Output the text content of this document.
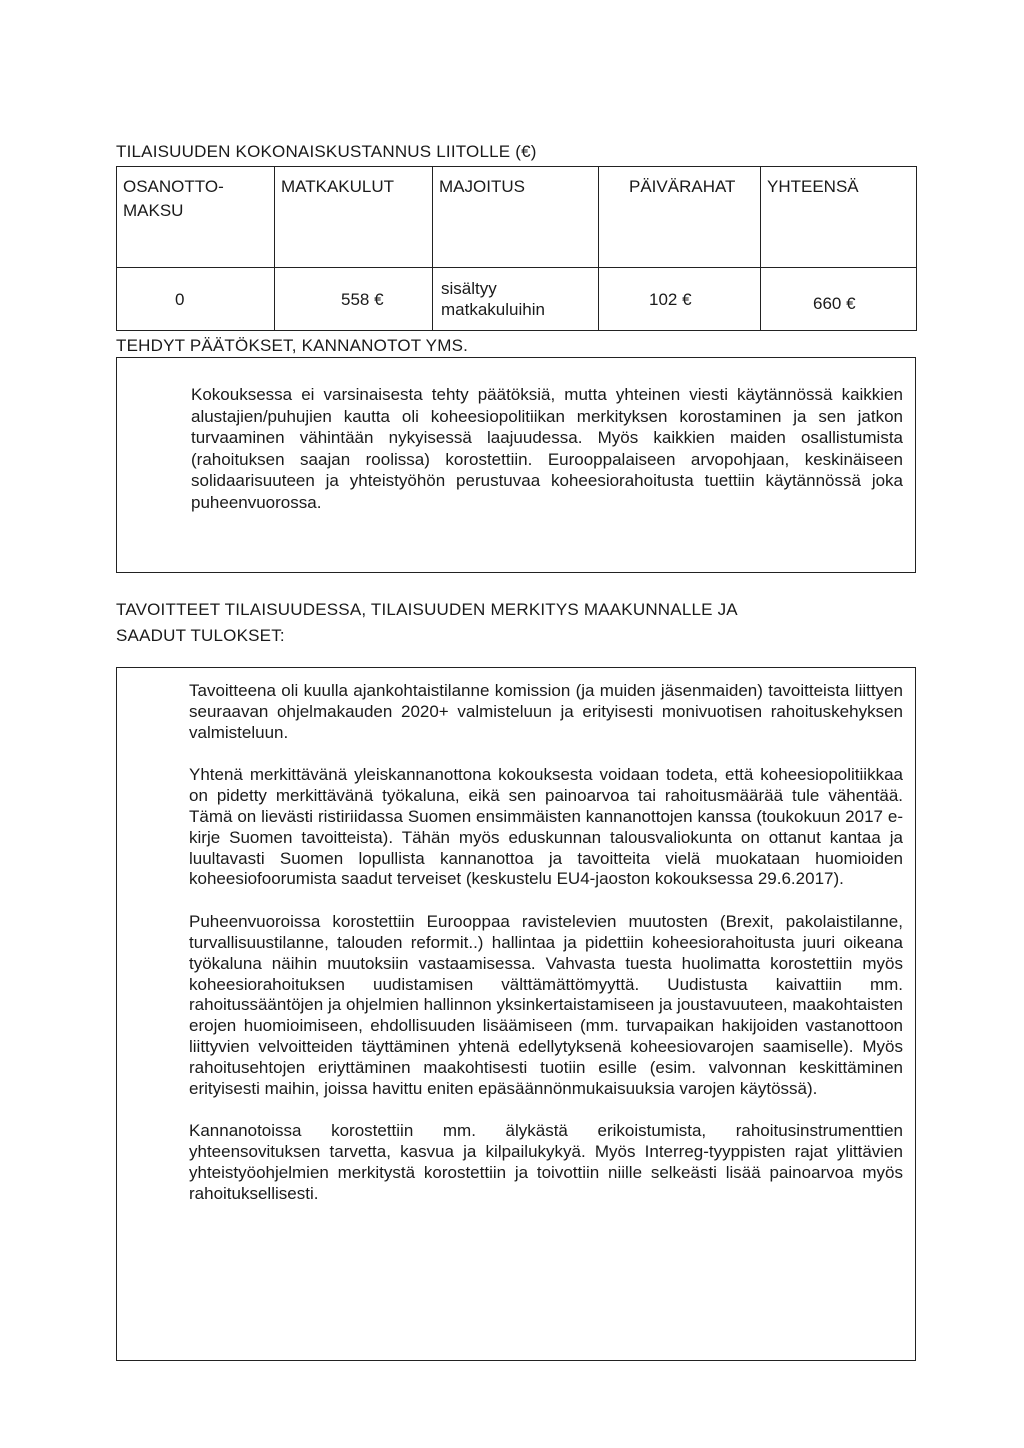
TILAISUUDEN KOKONAISKUSTANNUS LIITOLLE (€)
OSANOTTO-MAKSU	MATKAKULUT	MAJOITUS	PÄIVÄRAHAT	YHTEENSÄ
0	558 €	sisältyy matkakuluihin	102 €	660 €
TEHDYT PÄÄTÖKSET, KANNANOTOT YMS.

Kokouksessa ei varsinaisesta tehty päätöksiä, mutta yhteinen viesti käytännössä kaikkien alustajien/puhujien kautta oli koheesiopolitiikan merkityksen korostaminen ja sen jatkon turvaaminen vähintään nykyisessä laajuudessa. Myös kaikkien maiden osallistumista (rahoituksen saajan roolissa) korostettiin. Eurooppalaiseen arvopohjaan, keskinäiseen solidaarisuuteen ja yhteistyöhön perustuvaa koheesiorahoitusta tuettiin käytännössä joka puheenvuorossa.

TAVOITTEET TILAISUUDESSA, TILAISUUDEN MERKITYS MAAKUNNALLE JA
SAADUT TULOKSET:

Tavoitteena oli kuulla ajankohtaistilanne komission (ja muiden jäsenmaiden) tavoitteista liittyen seuraavan ohjelmakauden 2020+ valmisteluun ja erityisesti monivuotisen rahoituskehyksen valmisteluun.

Yhtenä merkittävänä yleiskannanottona kokouksesta voidaan todeta, että koheesiopolitiikkaa on pidetty merkittävänä työkaluna, eikä sen painoarvoa tai rahoitusmäärää tule vähentää. Tämä on lievästi ristiriidassa Suomen ensimmäisten kannanottojen kanssa (toukokuun 2017 e-kirje Suomen tavoitteista). Tähän myös eduskunnan talousvaliokunta on ottanut kantaa ja luultavasti Suomen lopullista kannanottoa ja tavoitteita vielä muokataan huomioiden koheesiofoorumista saadut terveiset (keskustelu EU4-jaoston kokouksessa 29.6.2017).

Puheenvuoroissa korostettiin Eurooppaa ravistelevien muutosten (Brexit, pakolaistilanne, turvallisuustilanne, talouden reformit..) hallintaa ja pidettiin koheesiorahoitusta juuri oikeana työkaluna näihin muutoksiin vastaamisessa. Vahvasta tuesta huolimatta korostettiin myös koheesiorahoituksen uudistamisen välttämättömyyttä. Uudistusta kaivattiin mm. rahoitussääntöjen ja ohjelmien hallinnon yksinkertaistamiseen ja joustavuuteen, maakohtaisten erojen huomioimiseen, ehdollisuuden lisäämiseen (mm. turvapaikan hakijoiden vastanottoon liittyvien velvoitteiden täyttäminen yhtenä edellytyksenä koheesiovarojen saamiselle). Myös rahoitusehtojen eriyttäminen maakohtisesti tuotiin esille (esim. valvonnan keskittäminen erityisesti maihin, joissa havittu eniten epäsäännönmukaisuuksia varojen käytössä).

Kannanotoissa korostettiin mm. älykästä erikoistumista, rahoitusinstrumenttien yhteensovituksen tarvetta, kasvua ja kilpailukykyä. Myös Interreg-tyyppisten rajat ylittävien yhteistyöohjelmien merkitystä korostettiin ja toivottiin niille selkeästi lisää painoarvoa myös rahoituksellisesti.
